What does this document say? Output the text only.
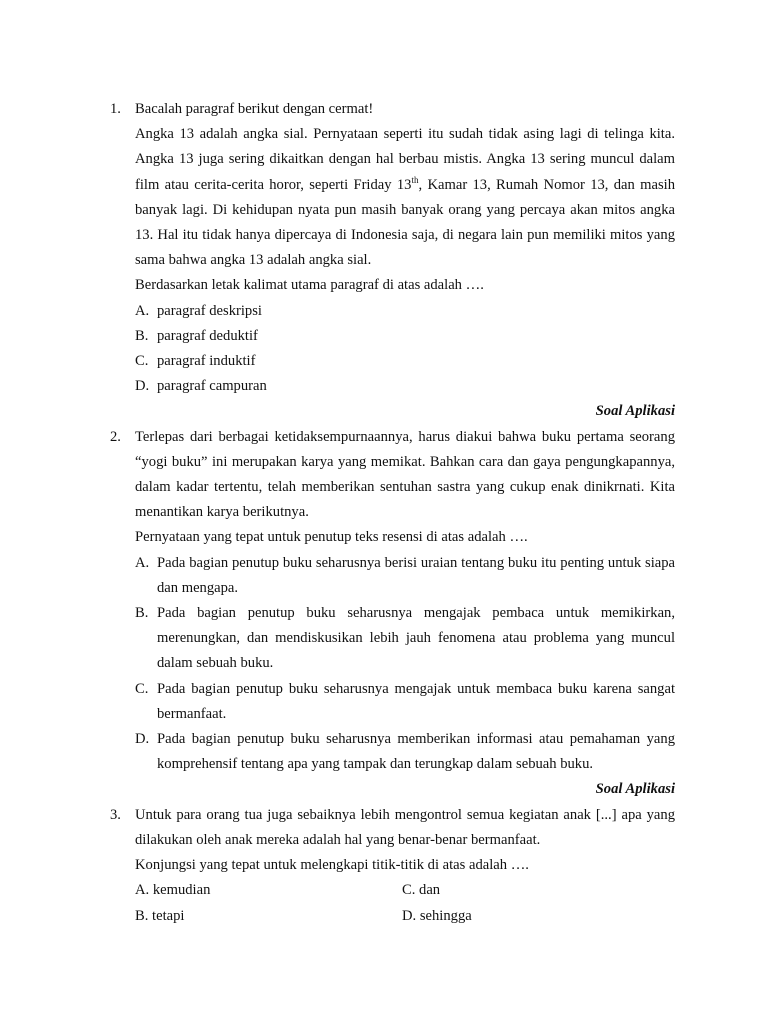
1. Bacalah paragraf berikut dengan cermat!

Angka 13 adalah angka sial. Pernyataan seperti itu sudah tidak asing lagi di telinga kita. Angka 13 juga sering dikaitkan dengan hal berbau mistis. Angka 13 sering muncul dalam film atau cerita-cerita horor, seperti Friday 13th, Kamar 13, Rumah Nomor 13, dan masih banyak lagi. Di kehidupan nyata pun masih banyak orang yang percaya akan mitos angka 13. Hal itu tidak hanya dipercaya di Indonesia saja, di negara lain pun memiliki mitos yang sama bahwa angka 13 adalah angka sial.

Berdasarkan letak kalimat utama paragraf di atas adalah ….

A. paragraf deskripsi
B. paragraf deduktif
C. paragraf induktif
D. paragraf campuran

Soal Aplikasi

2. Terlepas dari berbagai ketidaksempurnaannya, harus diakui bahwa buku pertama seorang “yogi buku” ini merupakan karya yang memikat. Bahkan cara dan gaya pengungkapannya, dalam kadar tertentu, telah memberikan sentuhan sastra yang cukup enak dinikrnati. Kita menantikan karya berikutnya.

Pernyataan yang tepat untuk penutup teks resensi di atas adalah ….

A. Pada bagian penutup buku seharusnya berisi uraian tentang buku itu penting untuk siapa dan mengapa.
B. Pada bagian penutup buku seharusnya mengajak pembaca untuk memikirkan, merenungkan, dan mendiskusikan lebih jauh fenomena atau problema yang muncul dalam sebuah buku.
C. Pada bagian penutup buku seharusnya mengajak untuk membaca buku karena sangat bermanfaat.
D. Pada bagian penutup buku seharusnya memberikan informasi atau pemahaman yang komprehensif tentang apa yang tampak dan terungkap dalam sebuah buku.

Soal Aplikasi

3. Untuk para orang tua juga sebaiknya lebih mengontrol semua kegiatan anak [...] apa yang dilakukan oleh anak mereka adalah hal yang benar-benar bermanfaat.

Konjungsi yang tepat untuk melengkapi titik-titik di atas adalah ….

A. kemudian	C. dan
B. tetapi	D. sehingga
